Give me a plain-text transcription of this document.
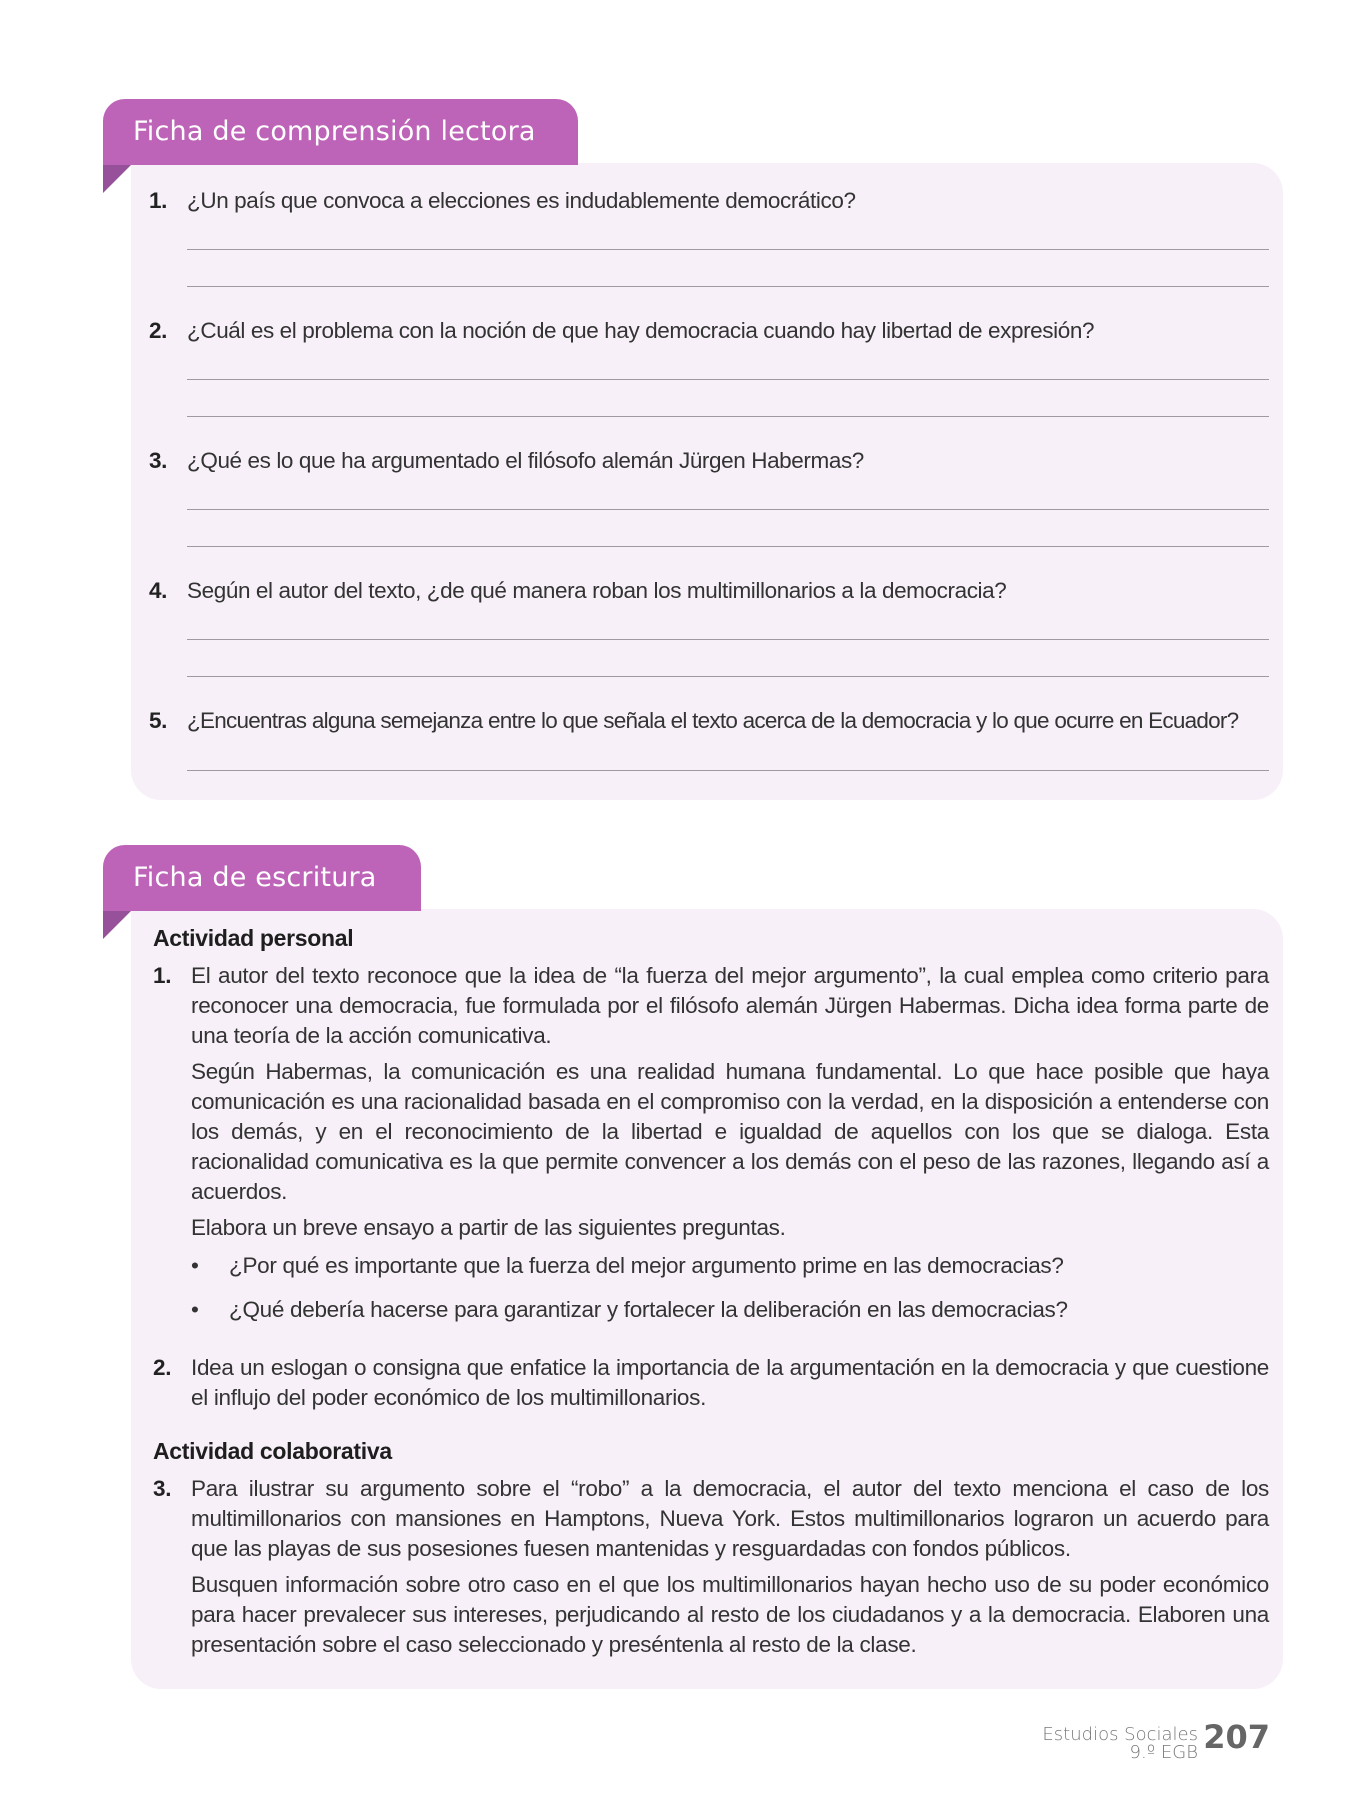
Ficha de comprensión lectora
1. ¿Un país que convoca a elecciones es indudablemente democrático?
2. ¿Cuál es el problema con la noción de que hay democracia cuando hay libertad de expresión?
3. ¿Qué es lo que ha argumentado el filósofo alemán Jürgen Habermas?
4. Según el autor del texto, ¿de qué manera roban los multimillonarios a la democracia?
5. ¿Encuentras alguna semejanza entre lo que señala el texto acerca de la democracia y lo que ocurre en Ecuador?
Ficha de escritura
Actividad personal
1. El autor del texto reconoce que la idea de “la fuerza del mejor argumento”, la cual emplea como criterio para reconocer una democracia, fue formulada por el filósofo alemán Jürgen Habermas. Dicha idea forma parte de una teoría de la acción comunicativa.

Según Habermas, la comunicación es una realidad humana fundamental. Lo que hace posible que haya comunicación es una racionalidad basada en el compromiso con la verdad, en la disposición a entenderse con los demás, y en el reconocimiento de la libertad e igualdad de aquellos con los que se dialoga. Esta racionalidad comunicativa es la que permite convencer a los demás con el peso de las razones, llegando así a acuerdos.

Elabora un breve ensayo a partir de las siguientes preguntas.

• ¿Por qué es importante que la fuerza del mejor argumento prime en las democracias?
• ¿Qué debería hacerse para garantizar y fortalecer la deliberación en las democracias?
2. Idea un eslogan o consigna que enfatice la importancia de la argumentación en la democracia y que cuestione el influjo del poder económico de los multimillonarios.

Actividad colaborativa
3. Para ilustrar su argumento sobre el “robo” a la democracia, el autor del texto menciona el caso de los multimillonarios con mansiones en Hamptons, Nueva York. Estos multimillonarios lograron un acuerdo para que las playas de sus posesiones fuesen mantenidas y resguardadas con fondos públicos.

Busquen información sobre otro caso en el que los multimillonarios hayan hecho uso de su poder económico para hacer prevalecer sus intereses, perjudicando al resto de los ciudadanos y a la democracia. Elaboren una presentación sobre el caso seleccionado y preséntenla al resto de la clase.

Estudios Sociales
9.º EGB 207
